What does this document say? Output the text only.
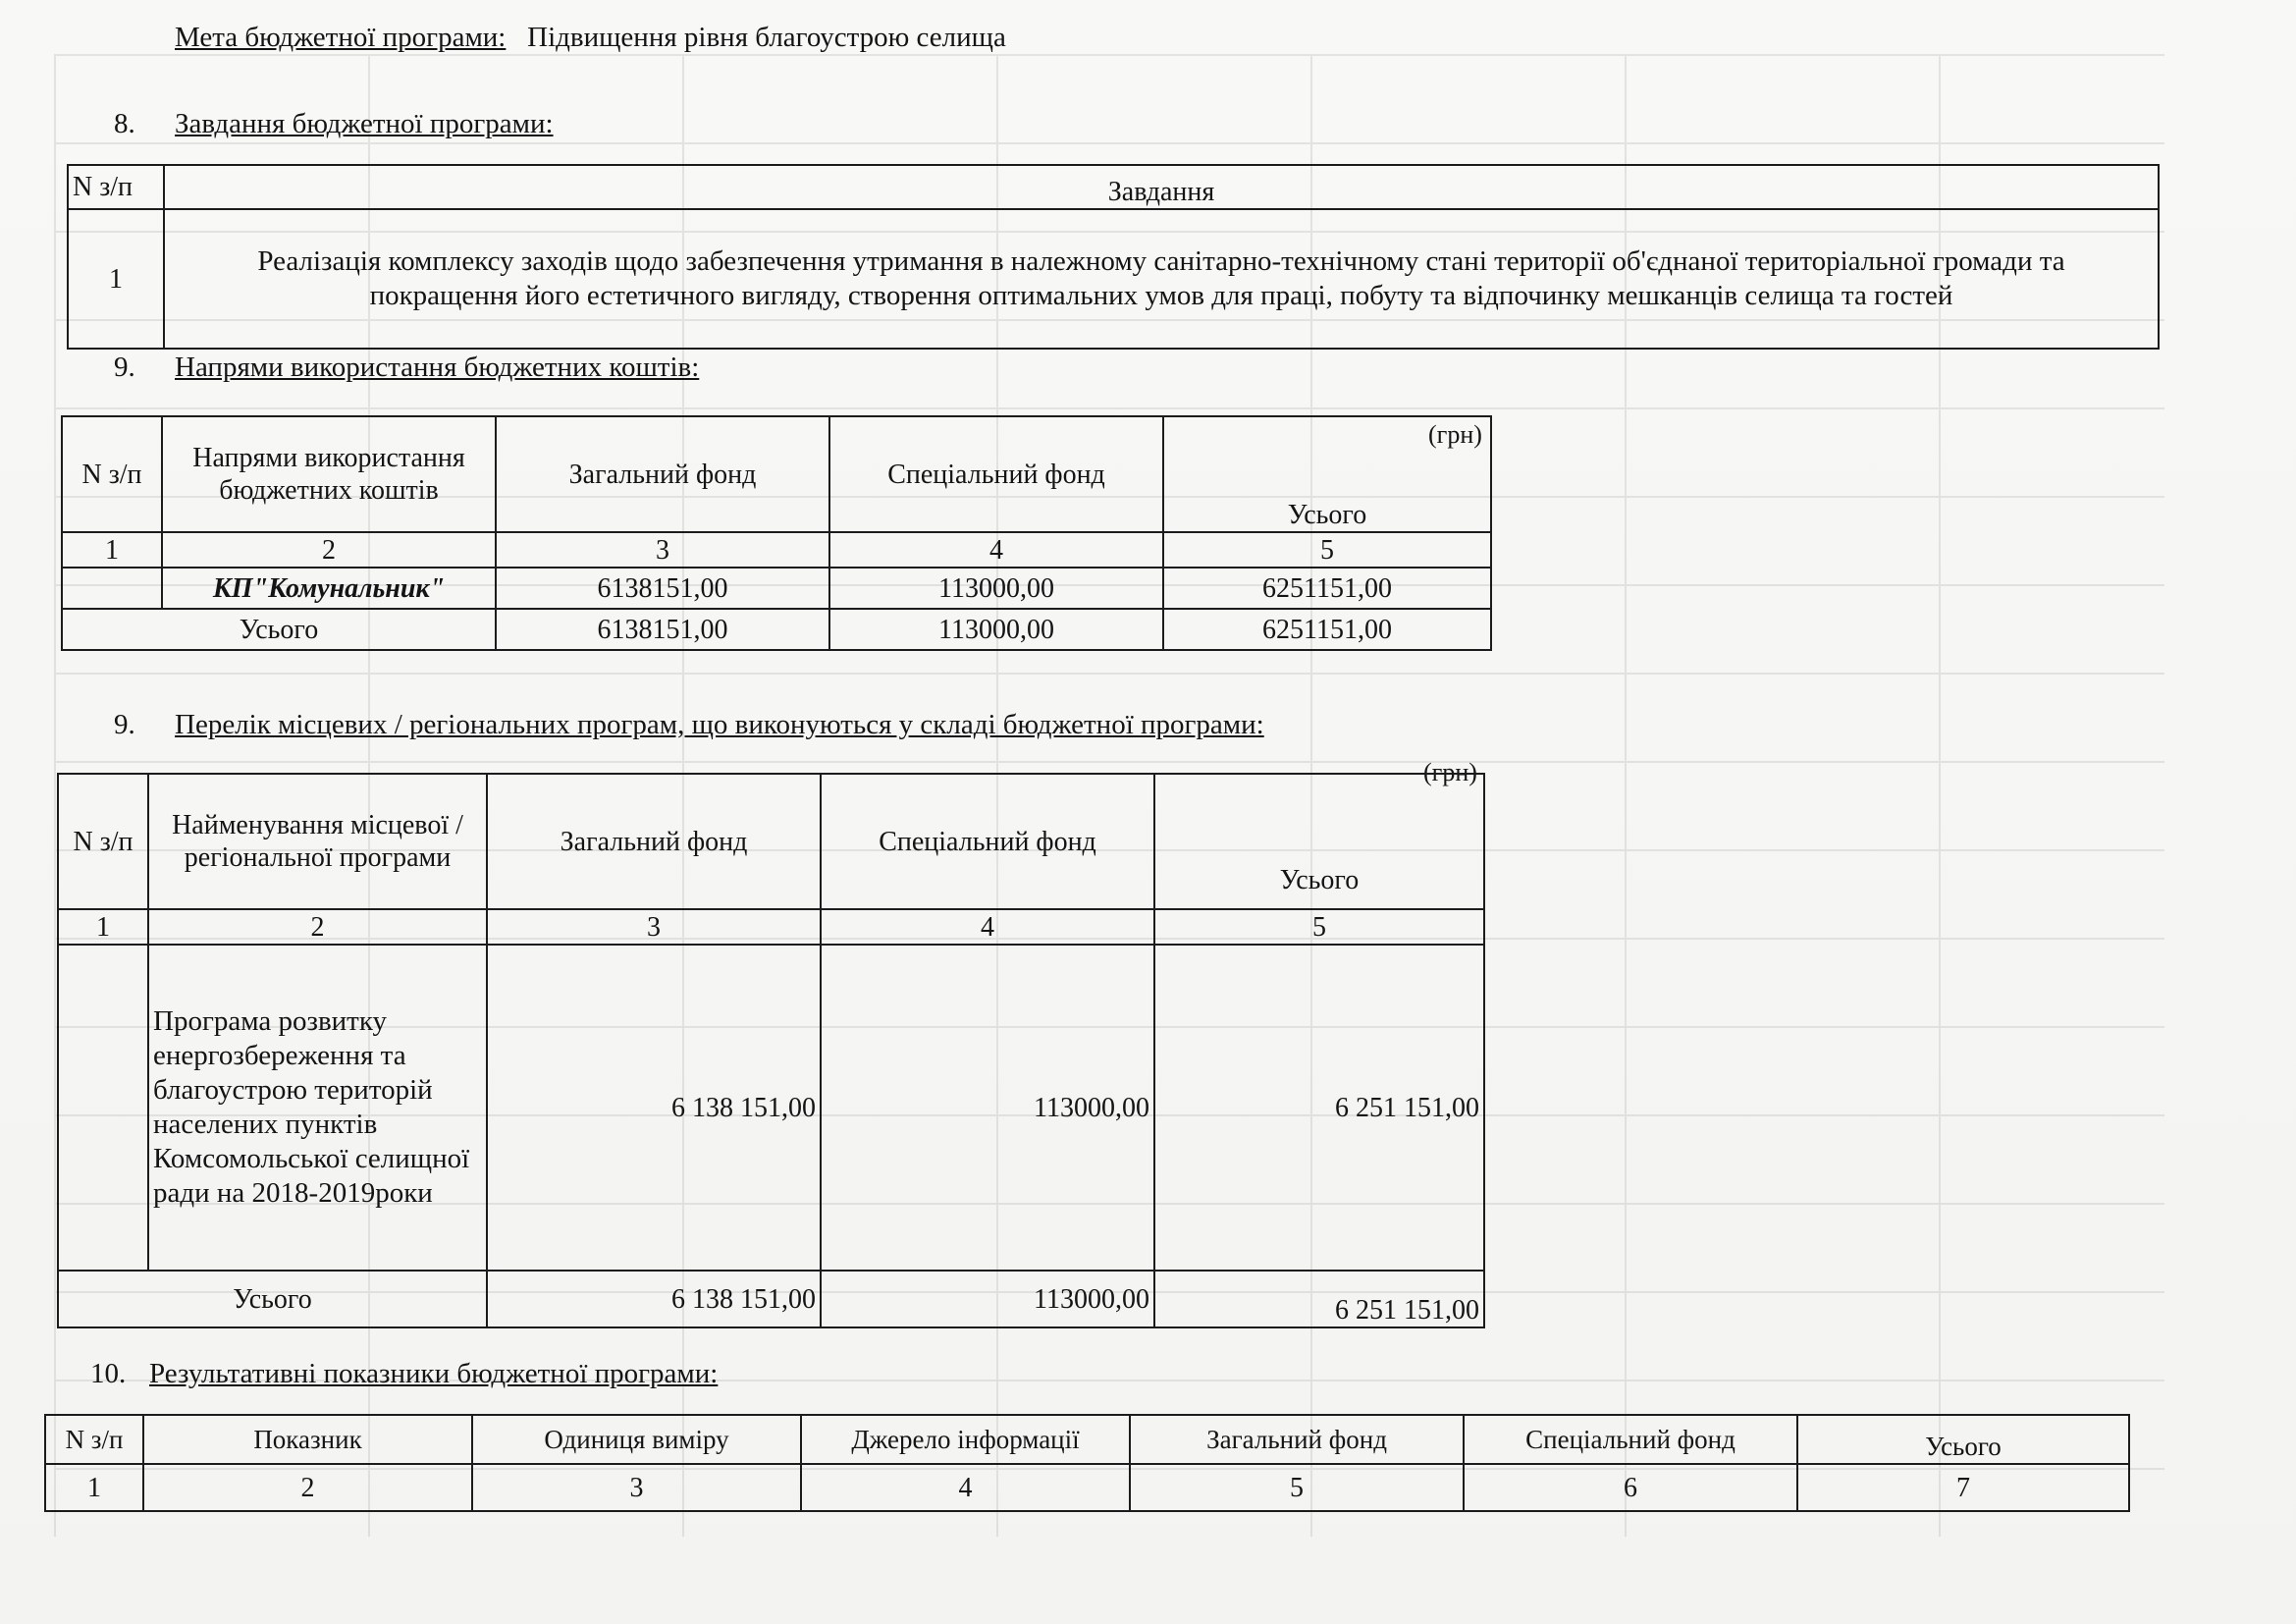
Мета бюджетної програми: Підвищення рівня благоустрою селища
8. Завдання бюджетної програми:
N з/п	Завдання
1	Реалізація комплексу заходів щодо забезпечення утримання в належному санітарно-технічному стані території об'єднаної територіальної громади та покращення його естетичного вигляду, створення оптимальних умов для праці, побуту та відпочинку мешканців селища та гостей
9. Напрями використання бюджетних коштів:
(грн)
N з/п	Напрями використання бюджетних коштів	Загальний фонд	Спеціальний фонд	Усього
1	2	3	4	5
	КП"Комунальник"	6138151,00	113000,00	6251151,00
Усього		6138151,00	113000,00	6251151,00
9. Перелік місцевих / регіональних програм, що виконуються у складі бюджетної програми:
(грн)
N з/п	Найменування місцевої / регіональної програми	Загальний фонд	Спеціальний фонд	Усього
1	2	3	4	5
	Програма розвитку енергозбереження та благоустрою територій населених пунктів Комсомольської селищної ради на 2018-2019роки	6 138 151,00	113000,00	6 251 151,00
Усього		6 138 151,00	113000,00	6 251 151,00
10. Результативні показники бюджетної програми:
N з/п	Показник	Одиниця виміру	Джерело інформації	Загальний фонд	Спеціальний фонд	Усього
1	2	3	4	5	6	7
